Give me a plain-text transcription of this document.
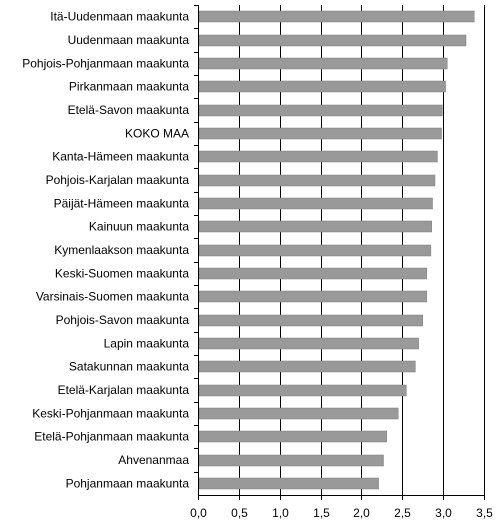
Itä-Uudenmaan maakunta
Uudenmaan maakunta
Pohjois-Pohjanmaan maakunta
Pirkanmaan maakunta
Etelä-Savon maakunta
KOKO MAA
Kanta-Hämeen maakunta
Pohjois-Karjalan maakunta
Päijät-Hämeen maakunta
Kainuun maakunta
Kymenlaakson maakunta
Keski-Suomen maakunta
Varsinais-Suomen maakunta
Pohjois-Savon maakunta
Lapin maakunta
Satakunnan maakunta
Etelä-Karjalan maakunta
Keski-Pohjanmaan maakunta
Etelä-Pohjanmaan maakunta
Ahvenanmaa
Pohjanmaan maakunta
0,0 0,5 1,0 1,5 2,0 2,5 3,0 3,5
